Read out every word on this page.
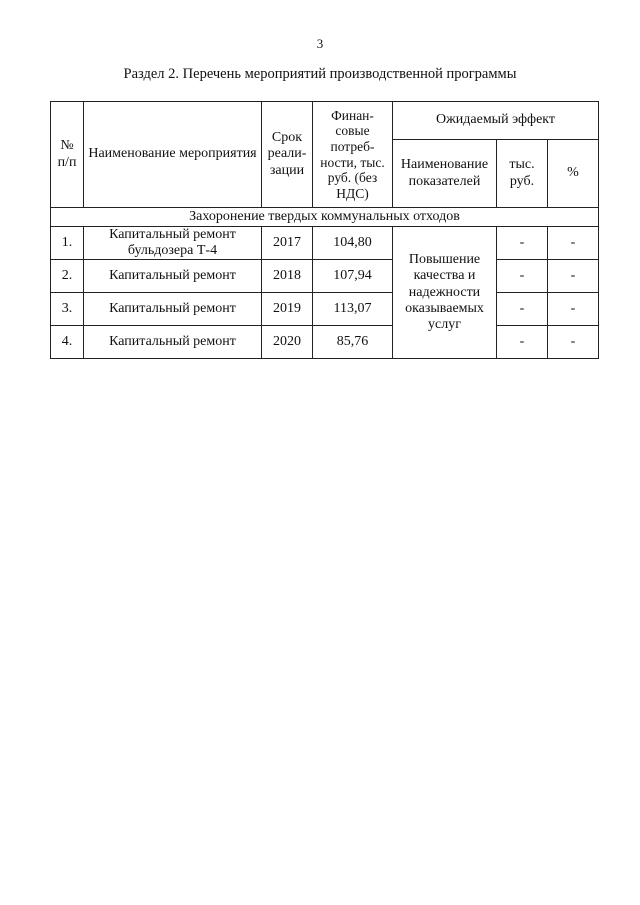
3
Раздел 2. Перечень мероприятий производственной программы
№ п/п	Наименование мероприятия	Срок реали-зации	Финан-совые потреб-ности, тыс. руб. (без НДС)	Ожидаемый эффект		
				Наименование показателей	тыс. руб.	%
Захоронение твердых коммунальных отходов						
1.	Капитальный ремонт бульдозера Т-4	2017	104,80	Повышение качества и надежности оказываемых услуг	-	-
2.	Капитальный ремонт	2018	107,94		-	-
3.	Капитальный ремонт	2019	113,07		-	-
4.	Капитальный ремонт	2020	85,76		-	-
